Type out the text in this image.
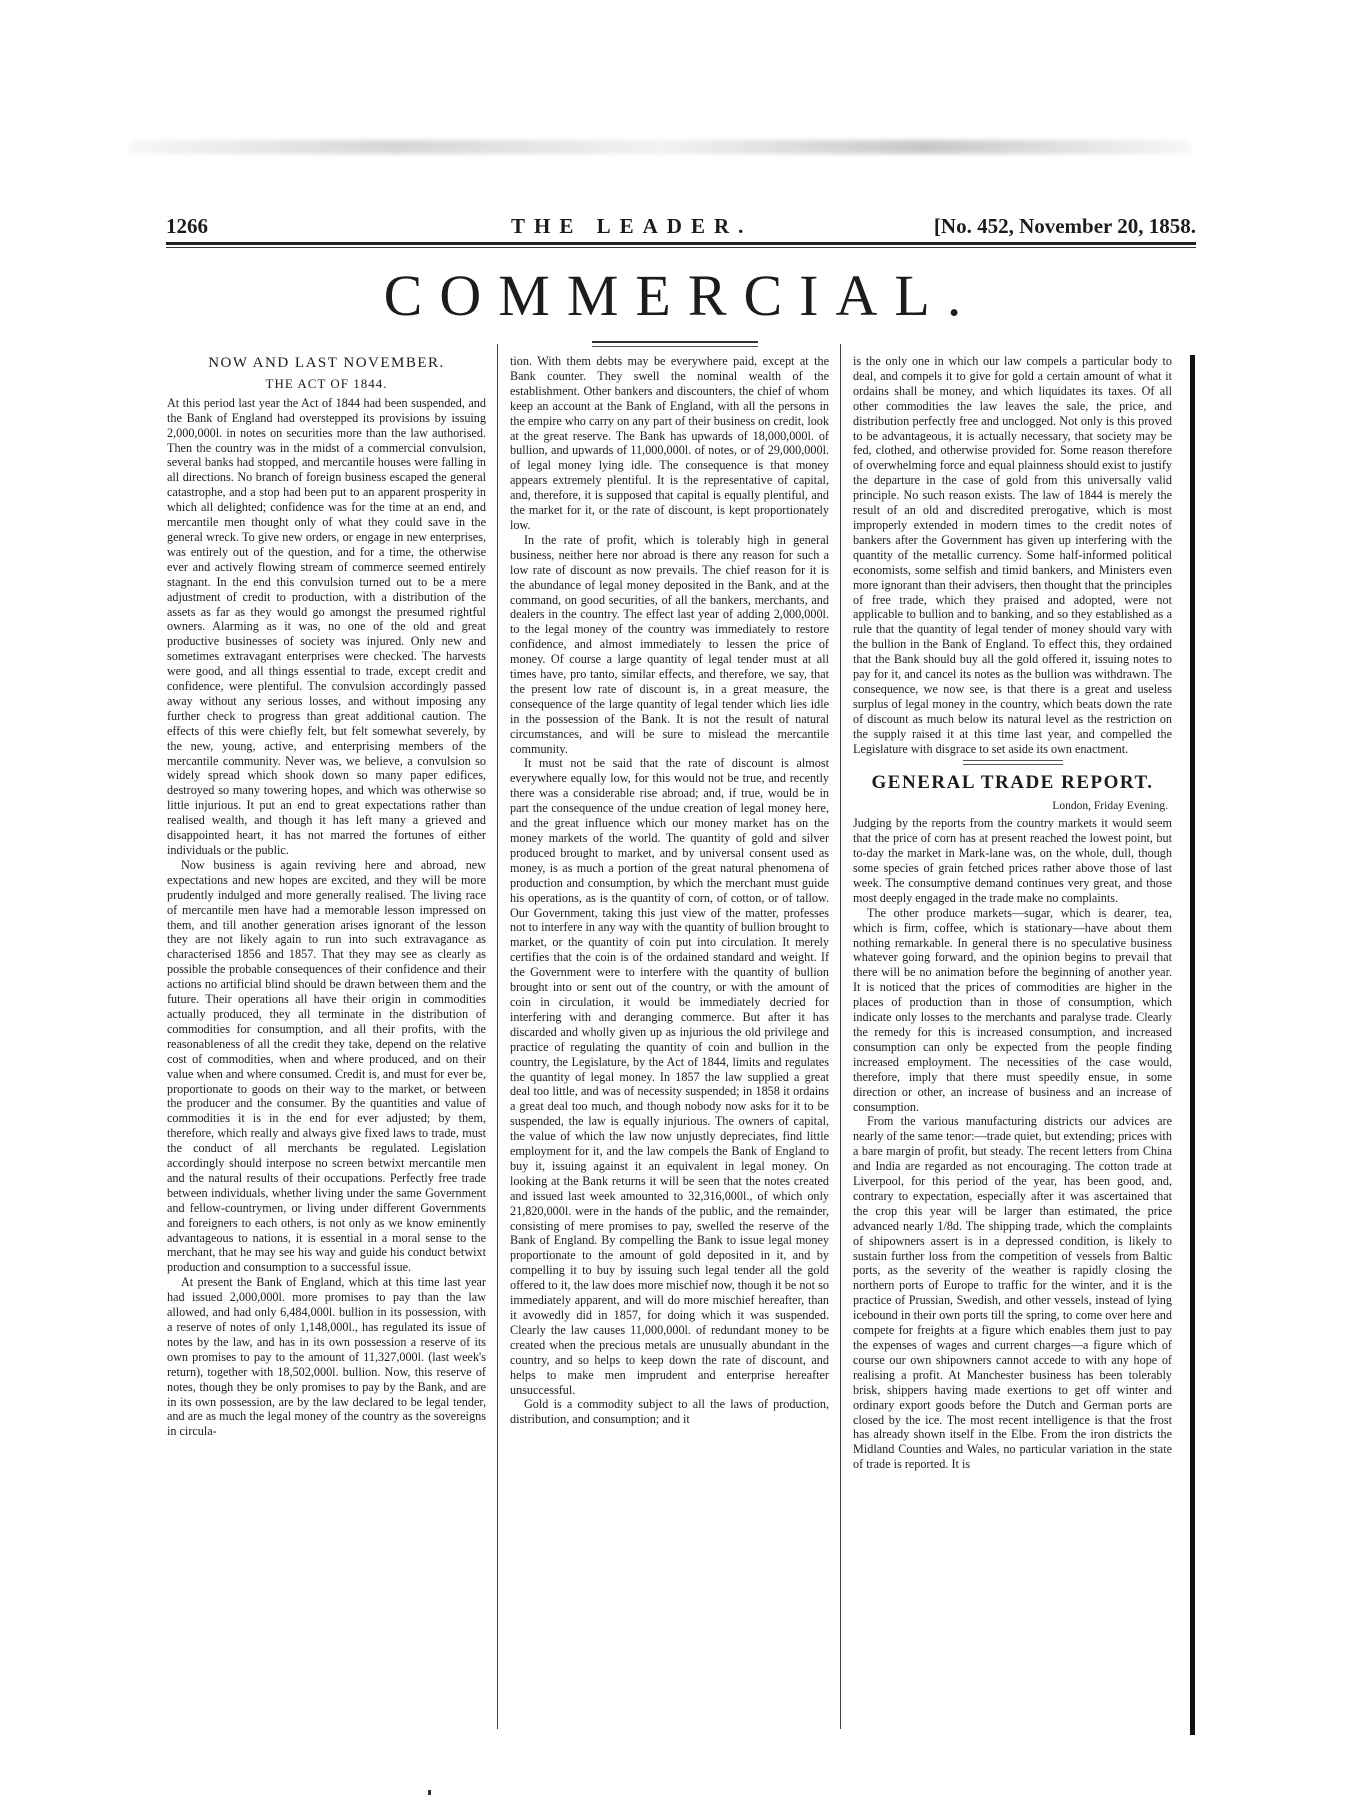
1266	THE LEADER.	[No. 452, November 20, 1858.
COMMERCIAL.
NOW AND LAST NOVEMBER.
THE ACT OF 1844.

At this period last year the Act of 1844 had been suspended, and the Bank of England had overstepped its provisions by issuing 2,000,000l. in notes on securities more than the law authorised. Then the country was in the midst of a commercial convulsion, several banks had stopped, and mercantile houses were falling in all directions. No branch of foreign business escaped the general catastrophe, and a stop had been put to an apparent prosperity in which all delighted; confidence was for the time at an end, and mercantile men thought only of what they could save in the general wreck. To give new orders, or engage in new enterprises, was entirely out of the question, and for a time, the otherwise ever and actively flowing stream of commerce seemed entirely stagnant. In the end this convulsion turned out to be a mere adjustment of credit to production, with a distribution of the assets as far as they would go amongst the presumed rightful owners. Alarming as it was, no one of the old and great productive businesses of society was injured. Only new and sometimes extravagant enterprises were checked. The harvests were good, and all things essential to trade, except credit and confidence, were plentiful. The convulsion accordingly passed away without any serious losses, and without imposing any further check to progress than great additional caution. The effects of this were chiefly felt, but felt somewhat severely, by the new, young, active, and enterprising members of the mercantile community. Never was, we believe, a convulsion so widely spread which shook down so many paper edifices, destroyed so many towering hopes, and which was otherwise so little injurious. It put an end to great expectations rather than realised wealth, and though it has left many a grieved and disappointed heart, it has not marred the fortunes of either individuals or the public.

Now business is again reviving here and abroad, new expectations and new hopes are excited, and they will be more prudently indulged and more generally realised. The living race of mercantile men have had a memorable lesson impressed on them, and till another generation arises ignorant of the lesson they are not likely again to run into such extravagance as characterised 1856 and 1857. That they may see as clearly as possible the probable consequences of their confidence and their actions no artificial blind should be drawn between them and the future. Their operations all have their origin in commodities actually produced, they all terminate in the distribution of commodities for consumption, and all their profits, with the reasonableness of all the credit they take, depend on the relative cost of commodities, when and where produced, and on their value when and where consumed. Credit is, and must for ever be, proportionate to goods on their way to the market, or between the producer and the consumer. By the quantities and value of commodities it is in the end for ever adjusted; by them, therefore, which really and always give fixed laws to trade, must the conduct of all merchants be regulated. Legislation accordingly should interpose no screen betwixt mercantile men and the natural results of their occupations. Perfectly free trade between individuals, whether living under the same Government and fellow-countrymen, or living under different Governments and foreigners to each others, is not only as we know eminently advantageous to nations, it is essential in a moral sense to the merchant, that he may see his way and guide his conduct betwixt production and consumption to a successful issue.

At present the Bank of England, which at this time last year had issued 2,000,000l. more promises to pay than the law allowed, and had only 6,484,000l. bullion in its possession, with a reserve of notes of only 1,148,000l., has regulated its issue of notes by the law, and has in its own possession a reserve of its own promises to pay to the amount of 11,327,000l. (last week's return), together with 18,502,000l. bullion. Now, this reserve of notes, though they be only promises to pay by the Bank, and are in its own possession, are by the law declared to be legal tender, and are as much the legal money of the country as the sovereigns in circula-

tion. With them debts may be everywhere paid, except at the Bank counter. They swell the nominal wealth of the establishment. Other bankers and discounters, the chief of whom keep an account at the Bank of England, with all the persons in the empire who carry on any part of their business on credit, look at the great reserve. The Bank has upwards of 18,000,000l. of bullion, and upwards of 11,000,000l. of notes, or of 29,000,000l. of legal money lying idle. The consequence is that money appears extremely plentiful. It is the representative of capital, and, therefore, it is supposed that capital is equally plentiful, and the market for it, or the rate of discount, is kept proportionately low.

In the rate of profit, which is tolerably high in general business, neither here nor abroad is there any reason for such a low rate of discount as now prevails. The chief reason for it is the abundance of legal money deposited in the Bank, and at the command, on good securities, of all the bankers, merchants, and dealers in the country. The effect last year of adding 2,000,000l. to the legal money of the country was immediately to restore confidence, and almost immediately to lessen the price of money. Of course a large quantity of legal tender must at all times have, pro tanto, similar effects, and therefore, we say, that the present low rate of discount is, in a great measure, the consequence of the large quantity of legal tender which lies idle in the possession of the Bank. It is not the result of natural circumstances, and will be sure to mislead the mercantile community.

It must not be said that the rate of discount is almost everywhere equally low, for this would not be true, and recently there was a considerable rise abroad; and, if true, would be in part the consequence of the undue creation of legal money here, and the great influence which our money market has on the money markets of the world. The quantity of gold and silver produced brought to market, and by universal consent used as money, is as much a portion of the great natural phenomena of production and consumption, by which the merchant must guide his operations, as is the quantity of corn, of cotton, or of tallow. Our Government, taking this just view of the matter, professes not to interfere in any way with the quantity of bullion brought to market, or the quantity of coin put into circulation. It merely certifies that the coin is of the ordained standard and weight. If the Government were to interfere with the quantity of bullion brought into or sent out of the country, or with the amount of coin in circulation, it would be immediately decried for interfering with and deranging commerce. But after it has discarded and wholly given up as injurious the old privilege and practice of regulating the quantity of coin and bullion in the country, the Legislature, by the Act of 1844, limits and regulates the quantity of legal money. In 1857 the law supplied a great deal too little, and was of necessity suspended; in 1858 it ordains a great deal too much, and though nobody now asks for it to be suspended, the law is equally injurious. The owners of capital, the value of which the law now unjustly depreciates, find little employment for it, and the law compels the Bank of England to buy it, issuing against it an equivalent in legal money. On looking at the Bank returns it will be seen that the notes created and issued last week amounted to 32,316,000l., of which only 21,820,000l. were in the hands of the public, and the remainder, consisting of mere promises to pay, swelled the reserve of the Bank of England. By compelling the Bank to issue legal money proportionate to the amount of gold deposited in it, and by compelling it to buy by issuing such legal tender all the gold offered to it, the law does more mischief now, though it be not so immediately apparent, and will do more mischief hereafter, than it avowedly did in 1857, for doing which it was suspended. Clearly the law causes 11,000,000l. of redundant money to be created when the precious metals are unusually abundant in the country, and so helps to keep down the rate of discount, and helps to make men imprudent and enterprise hereafter unsuccessful.

Gold is a commodity subject to all the laws of production, distribution, and consumption; and it

is the only one in which our law compels a particular body to deal, and compels it to give for gold a certain amount of what it ordains shall be money, and which liquidates its taxes. Of all other commodities the law leaves the sale, the price, and distribution perfectly free and unclogged. Not only is this proved to be advantageous, it is actually necessary, that society may be fed, clothed, and otherwise provided for. Some reason therefore of overwhelming force and equal plainness should exist to justify the departure in the case of gold from this universally valid principle. No such reason exists. The law of 1844 is merely the result of an old and discredited prerogative, which is most improperly extended in modern times to the credit notes of bankers after the Government has given up interfering with the quantity of the metallic currency. Some half-informed political economists, some selfish and timid bankers, and Ministers even more ignorant than their advisers, then thought that the principles of free trade, which they praised and adopted, were not applicable to bullion and to banking, and so they established as a rule that the quantity of legal tender of money should vary with the bullion in the Bank of England. To effect this, they ordained that the Bank should buy all the gold offered it, issuing notes to pay for it, and cancel its notes as the bullion was withdrawn. The consequence, we now see, is that there is a great and useless surplus of legal money in the country, which beats down the rate of discount as much below its natural level as the restriction on the supply raised it at this time last year, and compelled the Legislature with disgrace to set aside its own enactment.

GENERAL TRADE REPORT.
London, Friday Evening.

Judging by the reports from the country markets it would seem that the price of corn has at present reached the lowest point, but to-day the market in Mark-lane was, on the whole, dull, though some species of grain fetched prices rather above those of last week. The consumptive demand continues very great, and those most deeply engaged in the trade make no complaints.

The other produce markets—sugar, which is dearer, tea, which is firm, coffee, which is stationary—have about them nothing remarkable. In general there is no speculative business whatever going forward, and the opinion begins to prevail that there will be no animation before the beginning of another year. It is noticed that the prices of commodities are higher in the places of production than in those of consumption, which indicate only losses to the merchants and paralyse trade. Clearly the remedy for this is increased consumption, and increased consumption can only be expected from the people finding increased employment. The necessities of the case would, therefore, imply that there must speedily ensue, in some direction or other, an increase of business and an increase of consumption.

From the various manufacturing districts our advices are nearly of the same tenor:—trade quiet, but extending; prices with a bare margin of profit, but steady. The recent letters from China and India are regarded as not encouraging. The cotton trade at Liverpool, for this period of the year, has been good, and, contrary to expectation, especially after it was ascertained that the crop this year will be larger than estimated, the price advanced nearly 1/8d. The shipping trade, which the complaints of shipowners assert is in a depressed condition, is likely to sustain further loss from the competition of vessels from Baltic ports, as the severity of the weather is rapidly closing the northern ports of Europe to traffic for the winter, and it is the practice of Prussian, Swedish, and other vessels, instead of lying icebound in their own ports till the spring, to come over here and compete for freights at a figure which enables them just to pay the expenses of wages and current charges—a figure which of course our own shipowners cannot accede to with any hope of realising a profit. At Manchester business has been tolerably brisk, shippers having made exertions to get off winter and ordinary export goods before the Dutch and German ports are closed by the ice. The most recent intelligence is that the frost has already shown itself in the Elbe. From the iron districts the Midland Counties and Wales, no particular variation in the state of trade is reported. It is
